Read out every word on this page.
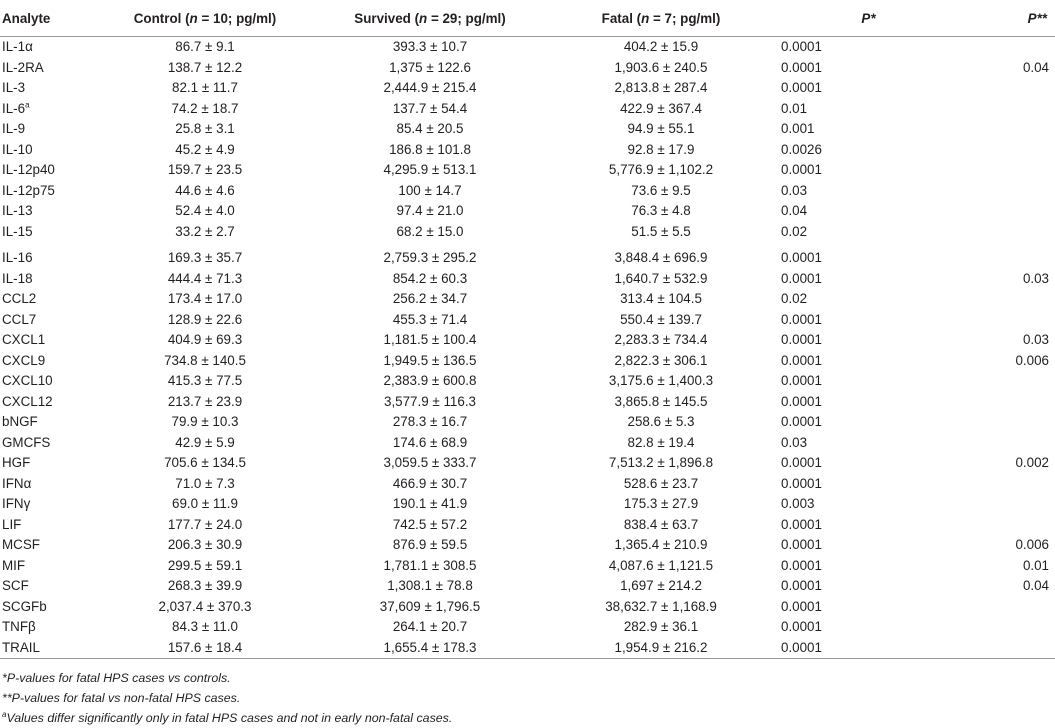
Analyte	Control (n = 10; pg/ml)	Survived (n = 29; pg/ml)	Fatal (n = 7; pg/ml)	P*	P**
IL-1α	86.7 ± 9.1	393.3 ± 10.7	404.2 ± 15.9	0.0001	
IL-2RA	138.7 ± 12.2	1,375 ± 122.6	1,903.6 ± 240.5	0.0001	0.04
IL-3	82.1 ± 11.7	2,444.9 ± 215.4	2,813.8 ± 287.4	0.0001	
IL-6$^a$	74.2 ± 18.7	137.7 ± 54.4	422.9 ± 367.4	0.01	
IL-9	25.8 ± 3.1	85.4 ± 20.5	94.9 ± 55.1	0.001	
IL-10	45.2 ± 4.9	186.8 ± 101.8	92.8 ± 17.9	0.0026	
IL-12p40	159.7 ± 23.5	4,295.9 ± 513.1	5,776.9 ± 1,102.2	0.0001	
IL-12p75	44.6 ± 4.6	100 ± 14.7	73.6 ± 9.5	0.03	
IL-13	52.4 ± 4.0	97.4 ± 21.0	76.3 ± 4.8	0.04	
IL-15	33.2 ± 2.7	68.2 ± 15.0	51.5 ± 5.5	0.02	

IL-16	169.3 ± 35.7	2,759.3 ± 295.2	3,848.4 ± 696.9	0.0001	
IL-18	444.4 ± 71.3	854.2 ± 60.3	1,640.7 ± 532.9	0.0001	0.03
CCL2	173.4 ± 17.0	256.2 ± 34.7	313.4 ± 104.5	0.02	
CCL7	128.9 ± 22.6	455.3 ± 71.4	550.4 ± 139.7	0.0001	
CXCL1	404.9 ± 69.3	1,181.5 ± 100.4	2,283.3 ± 734.4	0.0001	0.03
CXCL9	734.8 ± 140.5	1,949.5 ± 136.5	2,822.3 ± 306.1	0.0001	0.006
CXCL10	415.3 ± 77.5	2,383.9 ± 600.8	3,175.6 ± 1,400.3	0.0001	
CXCL12	213.7 ± 23.9	3,577.9 ± 116.3	3,865.8 ± 145.5	0.0001	
bNGF	79.9 ± 10.3	278.3 ± 16.7	258.6 ± 5.3	0.0001	
GMCFS	42.9 ± 5.9	174.6 ± 68.9	82.8 ± 19.4	0.03	
HGF	705.6 ± 134.5	3,059.5 ± 333.7	7,513.2 ± 1,896.8	0.0001	0.002
IFNα	71.0 ± 7.3	466.9 ± 30.7	528.6 ± 23.7	0.0001	
IFNγ	69.0 ± 11.9	190.1 ± 41.9	175.3 ± 27.9	0.003	
LIF	177.7 ± 24.0	742.5 ± 57.2	838.4 ± 63.7	0.0001	
MCSF	206.3 ± 30.9	876.9 ± 59.5	1,365.4 ± 210.9	0.0001	0.006
MIF	299.5 ± 59.1	1,781.1 ± 308.5	4,087.6 ± 1,121.5	0.0001	0.01
SCF	268.3 ± 39.9	1,308.1 ± 78.8	1,697 ± 214.2	0.0001	0.04
SCGFb	2,037.4 ± 370.3	37,609 ± 1,796.5	38,632.7 ± 1,168.9	0.0001	
TNFβ	84.3 ± 11.0	264.1 ± 20.7	282.9 ± 36.1	0.0001	
TRAIL	157.6 ± 18.4	1,655.4 ± 178.3	1,954.9 ± 216.2	0.0001	
*P-values for fatal HPS cases vs controls.
**P-values for fatal vs non-fatal HPS cases.
$^a$Values differ significantly only in fatal HPS cases and not in early non-fatal cases.
